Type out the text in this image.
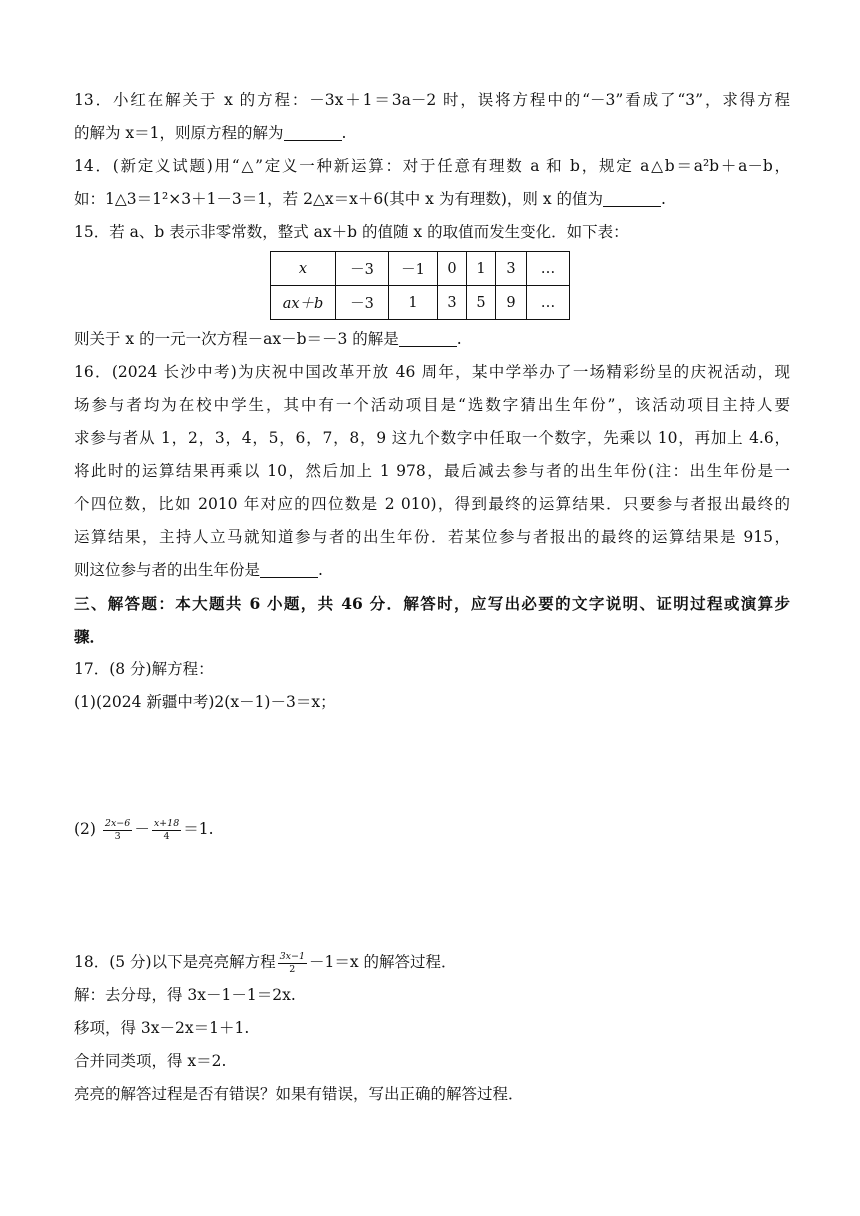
13．小红在解关于 x 的方程：－3x＋1＝3a－2 时，误将方程中的“－3”看成了“3”，求得方程
的解为 x＝1，则原方程的解为	.
14．(新定义试题)用“△”定义一种新运算：对于任意有理数 a 和 b，规定 a△b＝a²b＋a－b，
如：1△3＝1²×3＋1－3＝1，若 2△x＝x＋6(其中 x 为有理数)，则 x 的值为	.
15．若 a、b 表示非零常数，整式 ax＋b 的值随 x 的取值而发生变化．如下表：
x	－3	－1	0	1	3	…
ax＋b	－3	1	3	5	9	…
则关于 x 的一元一次方程－ax－b＝－3 的解是	.
16．(2024 长沙中考)为庆祝中国改革开放 46 周年，某中学举办了一场精彩纷呈的庆祝活动，现
场参与者均为在校中学生，其中有一个活动项目是“选数字猜出生年份”，该活动项目主持人要
求参与者从 1，2，3，4，5，6，7，8，9 这九个数字中任取一个数字，先乘以 10，再加上 4.6，
将此时的运算结果再乘以 10，然后加上 1 978，最后减去参与者的出生年份(注：出生年份是一
个四位数，比如 2010 年对应的四位数是 2 010)，得到最终的运算结果．只要参与者报出最终的
运算结果，主持人立马就知道参与者的出生年份．若某位参与者报出的最终的运算结果是 915，
则这位参与者的出生年份是	.
三、解答题：本大题共 6 小题，共 46 分．解答时，应写出必要的文字说明、证明过程或演算步
骤．
17．(8 分)解方程：
(1)(2024 新疆中考)2(x－1)－3＝x；
$(2) \frac{2x-6}{3} - \frac{x+18}{4} =1$.
18．(5 分)以下是亮亮解方程 $\frac{3x-1}{2} -1=x$ 的解答过程．
解：去分母，得 3x－1－1＝2x.
移项，得 3x－2x＝1＋1.
合并同类项，得 x＝2.
亮亮的解答过程是否有错误？如果有错误，写出正确的解答过程．
